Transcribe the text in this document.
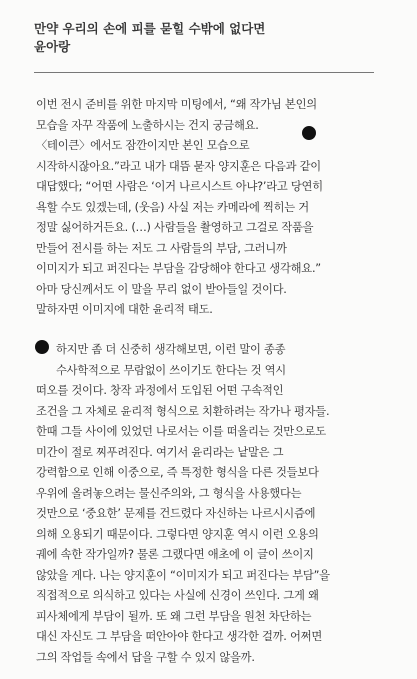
만약 우리의 손에 피를 묻힐 수밖에 없다면
윤아랑
이번 전시 준비를 위한 마지막 미팅에서, “왜 작가님 본인의
모습을 자꾸 작품에 노출하시는 건지 궁금해요.
〈테이큰〉에서도 잠깐이지만 본인 모습으로
시작하시잖아요.”라고 내가 대뜸 묻자 양지훈은 다음과 같이
대답했다; “어떤 사람은 ‘이거 나르시스트 아냐?’라고 당연히
욕할 수도 있겠는데, (웃음) 사실 저는 카메라에 찍히는 거
정말 싫어하거든요. (…) 사람들을 촬영하고 그걸로 작품을
만들어 전시를 하는 저도 그 사람들의 부담, 그러니까
이미지가 되고 퍼진다는 부담을 감당해야 한다고 생각해요.”
아마 당신께서도 이 말을 무리 없이 받아들일 것이다.
말하자면 이미지에 대한 윤리적 태도.
하지만 좀 더 신중히 생각해보면, 이런 말이 종종
수사학적으로 무람없이 쓰이기도 한다는 것 역시
떠오를 것이다. 창작 과정에서 도입된 어떤 구속적인
조건을 그 자체로 윤리적 형식으로 치환하려는 작가나 평자들.
한때 그들 사이에 있었던 나로서는 이를 떠올리는 것만으로도
미간이 절로 찌푸려진다. 여기서 윤리라는 낱말은 그
강력함으로 인해 이중으로, 즉 특정한 형식을 다른 것들보다
우위에 올려놓으려는 물신주의와, 그 형식을 사용했다는
것만으로 ‘중요한’ 문제를 건드렸다 자신하는 나르시시즘에
의해 오용되기 때문이다. 그렇다면 양지훈 역시 이런 오용의
궤에 속한 작가일까? 물론 그랬다면 애초에 이 글이 쓰이지
않았을 게다. 나는 양지훈이 “이미지가 되고 퍼진다는 부담”을
직접적으로 의식하고 있다는 사실에 신경이 쓰인다. 그게 왜
피사체에게 부담이 될까. 또 왜 그런 부담을 원천 차단하는
대신 자신도 그 부담을 떠안아야 한다고 생각한 걸까. 어쩌면
그의 작업들 속에서 답을 구할 수 있지 않을까.
